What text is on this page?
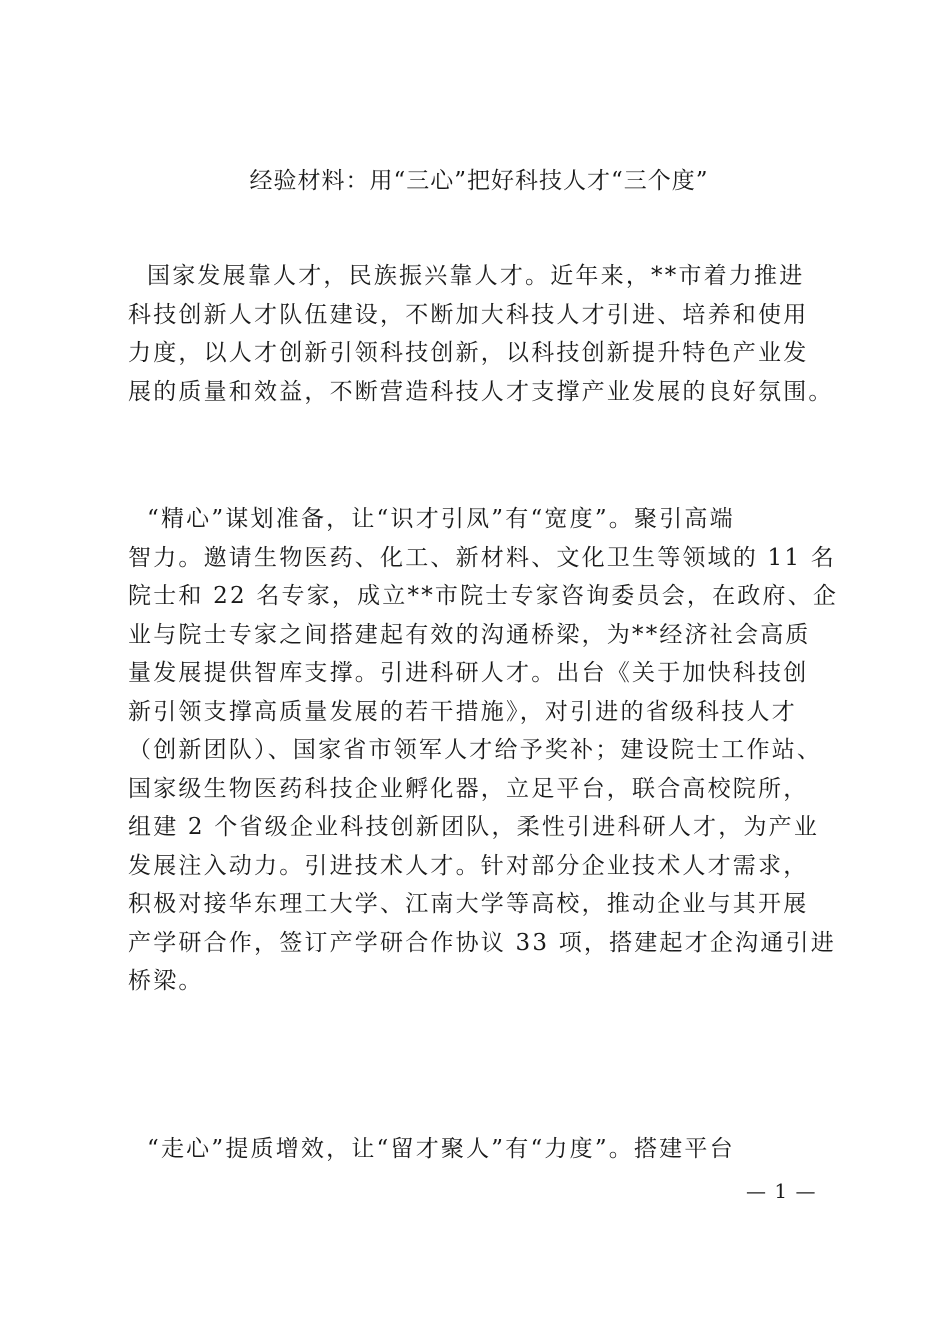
经验材料：用“三心”把好科技人才“三个度”

国家发展靠人才，民族振兴靠人才。近年来，**市着力推进
科技创新人才队伍建设，不断加大科技人才引进、培养和使用
力度，以人才创新引领科技创新，以科技创新提升特色产业发
展的质量和效益，不断营造科技人才支撑产业发展的良好氛围。

“精心”谋划准备，让“识才引凤”有“宽度”。聚引高端
智力。邀请生物医药、化工、新材料、文化卫生等领域的 11 名
院士和 22 名专家，成立**市院士专家咨询委员会，在政府、企
业与院士专家之间搭建起有效的沟通桥梁，为**经济社会高质
量发展提供智库支撑。引进科研人才。出台《关于加快科技创
新引领支撑高质量发展的若干措施》，对引进的省级科技人才
（创新团队）、国家省市领军人才给予奖补；建设院士工作站、
国家级生物医药科技企业孵化器，立足平台，联合高校院所，
组建 2 个省级企业科技创新团队，柔性引进科研人才，为产业
发展注入动力。引进技术人才。针对部分企业技术人才需求，
积极对接华东理工大学、江南大学等高校，推动企业与其开展
产学研合作，签订产学研合作协议 33 项，搭建起才企沟通引进
桥梁。

“走心”提质增效，让“留才聚人”有“力度”。搭建平台

— 1 —
